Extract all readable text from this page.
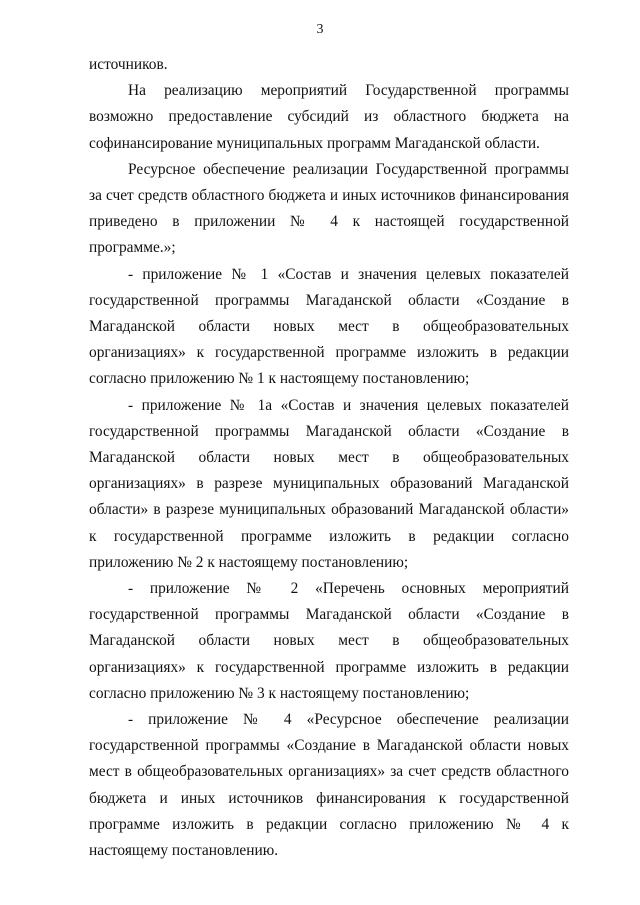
3

источников.

На реализацию мероприятий Государственной программы возможно предоставление субсидий из областного бюджета на софинансирование муниципальных программ Магаданской области.

Ресурсное обеспечение реализации Государственной программы за счет средств областного бюджета и иных источников финансирования приведено в приложении № 4 к настоящей государственной программе.»;

- приложение № 1 «Состав и значения целевых показателей государственной программы Магаданской области «Создание в Магаданской области новых мест в общеобразовательных организациях» к государственной программе изложить в редакции согласно приложению № 1 к настоящему постановлению;

- приложение № 1а «Состав и значения целевых показателей государственной программы Магаданской области «Создание в Магаданской области новых мест в общеобразовательных организациях» в разрезе муниципальных образований Магаданской области» в разрезе муниципальных образований Магаданской области» к государственной программе изложить в редакции согласно приложению № 2 к настоящему постановлению;

- приложение № 2 «Перечень основных мероприятий государственной программы Магаданской области «Создание в Магаданской области новых мест в общеобразовательных организациях» к государственной программе изложить в редакции согласно приложению № 3 к настоящему постановлению;

- приложение № 4 «Ресурсное обеспечение реализации государственной программы «Создание в Магаданской области новых мест в общеобразовательных организациях» за счет средств областного бюджета и иных источников финансирования к государственной программе изложить в редакции согласно приложению № 4 к настоящему постановлению.
